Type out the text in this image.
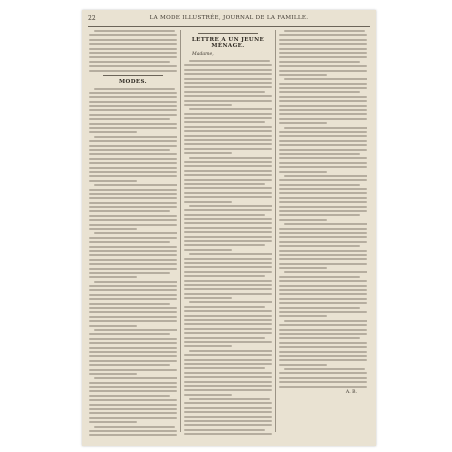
22	LA MODE ILLUSTRÉE, JOURNAL DE LA FAMILLE.
MODES.
LETTRE A UN JEUNE MÉNAGE.
Madame,
A. B.
